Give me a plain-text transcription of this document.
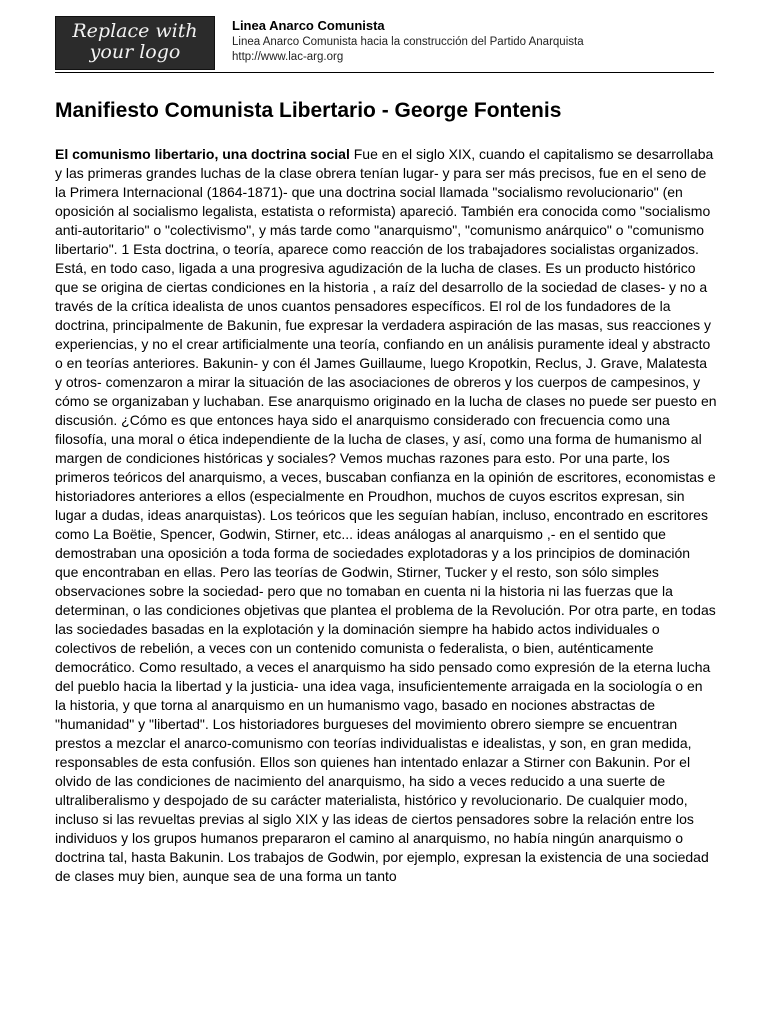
Replace with
your logo
Linea Anarco Comunista
Linea Anarco Comunista hacia la construcción del Partido Anarquista
http://www.lac-arg.org
Manifiesto Comunista Libertario - George Fontenis

El comunismo libertario, una doctrina social Fue en el siglo XIX, cuando el capitalismo se desarrollaba y las primeras grandes luchas de la clase obrera tenían lugar- y para ser más precisos, fue en el seno de la Primera Internacional (1864-1871)- que una doctrina social llamada "socialismo revolucionario" (en oposición al socialismo legalista, estatista o reformista) apareció. También era conocida como "socialismo anti-autoritario" o "colectivismo", y más tarde como "anarquismo", "comunismo anárquico" o "comunismo libertario". 1 Esta doctrina, o teoría, aparece como reacción de los trabajadores socialistas organizados. Está, en todo caso, ligada a una progresiva agudización de la lucha de clases. Es un producto histórico que se origina de ciertas condiciones en la historia , a raíz del desarrollo de la sociedad de clases- y no a través de la crítica idealista de unos cuantos pensadores específicos. El rol de los fundadores de la doctrina, principalmente de Bakunin, fue expresar la verdadera aspiración de las masas, sus reacciones y experiencias, y no el crear artificialmente una teoría, confiando en un análisis puramente ideal y abstracto o en teorías anteriores. Bakunin- y con él James Guillaume, luego Kropotkin, Reclus, J. Grave, Malatesta y otros- comenzaron a mirar la situación de las asociaciones de obreros y los cuerpos de campesinos, y cómo se organizaban y luchaban. Ese anarquismo originado en la lucha de clases no puede ser puesto en discusión. ¿Cómo es que entonces haya sido el anarquismo considerado con frecuencia como una filosofía, una moral o ética independiente de la lucha de clases, y así, como una forma de humanismo al margen de condiciones históricas y sociales? Vemos muchas razones para esto. Por una parte, los primeros teóricos del anarquismo, a veces, buscaban confianza en la opinión de escritores, economistas e historiadores anteriores a ellos (especialmente en Proudhon, muchos de cuyos escritos expresan, sin lugar a dudas, ideas anarquistas). Los teóricos que les seguían habían, incluso, encontrado en escritores como La Boëtie, Spencer, Godwin, Stirner, etc... ideas análogas al anarquismo ,- en el sentido que demostraban una oposición a toda forma de sociedades explotadoras y a los principios de dominación que encontraban en ellas. Pero las teorías de Godwin, Stirner, Tucker y el resto, son sólo simples observaciones sobre la sociedad- pero que no tomaban en cuenta ni la historia ni las fuerzas que la determinan, o las condiciones objetivas que plantea el problema de la Revolución. Por otra parte, en todas las sociedades basadas en la explotación y la dominación siempre ha habido actos individuales o colectivos de rebelión, a veces con un contenido comunista o federalista, o bien, auténticamente democrático. Como resultado, a veces el anarquismo ha sido pensado como expresión de la eterna lucha del pueblo hacia la libertad y la justicia- una idea vaga, insuficientemente arraigada en la sociología o en la historia, y que torna al anarquismo en un humanismo vago, basado en nociones abstractas de "humanidad" y "libertad". Los historiadores burgueses del movimiento obrero siempre se encuentran prestos a mezclar el anarco-comunismo con teorías individualistas e idealistas, y son, en gran medida, responsables de esta confusión. Ellos son quienes han intentado enlazar a Stirner con Bakunin. Por el olvido de las condiciones de nacimiento del anarquismo, ha sido a veces reducido a una suerte de ultraliberalismo y despojado de su carácter materialista, histórico y revolucionario. De cualquier modo, incluso si las revueltas previas al siglo XIX y las ideas de ciertos pensadores sobre la relación entre los individuos y los grupos humanos prepararon el camino al anarquismo, no había ningún anarquismo o doctrina tal, hasta Bakunin. Los trabajos de Godwin, por ejemplo, expresan la existencia de una sociedad de clases muy bien, aunque sea de una forma un tanto
